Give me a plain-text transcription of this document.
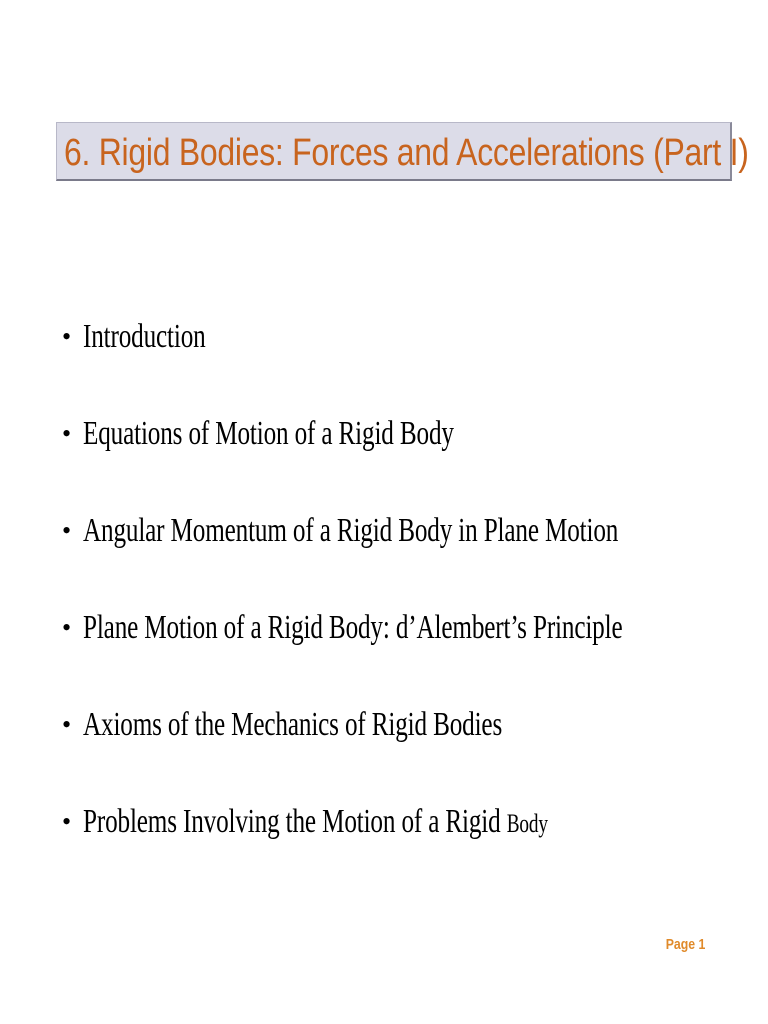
6. Rigid Bodies: Forces and Accelerations (Part I)
• Introduction
• Equations of Motion of a Rigid Body
• Angular Momentum of a Rigid Body in Plane Motion
• Plane Motion of a Rigid Body: d’Alembert’s Principle
• Axioms of the Mechanics of Rigid Bodies
• Problems Involving the Motion of a Rigid Body
Page 1
